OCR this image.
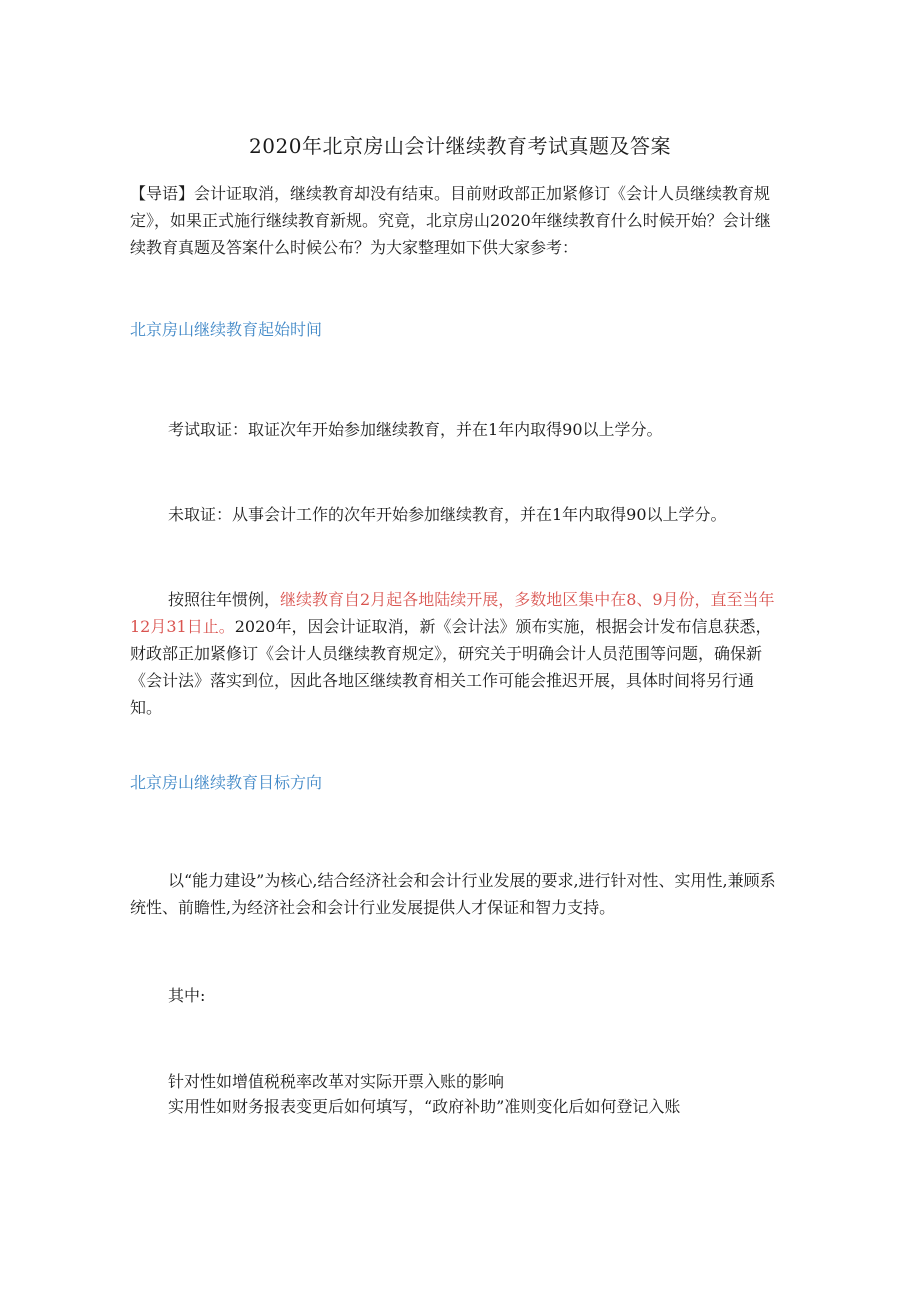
2020年北京房山会计继续教育考试真题及答案

【导语】会计证取消，继续教育却没有结束。目前财政部正加紧修订《会计人员继续教育规定》，如果正式施行继续教育新规。究竟，北京房山2020年继续教育什么时候开始？会计继续教育真题及答案什么时候公布？为大家整理如下供大家参考：

北京房山继续教育起始时间

考试取证：取证次年开始参加继续教育，并在1年内取得90以上学分。

未取证：从事会计工作的次年开始参加继续教育，并在1年内取得90以上学分。

按照往年惯例，继续教育自2月起各地陆续开展，多数地区集中在8、9月份，直至当年12月31日止。2020年，因会计证取消，新《会计法》颁布实施，根据会计发布信息获悉，财政部正加紧修订《会计人员继续教育规定》，研究关于明确会计人员范围等问题，确保新《会计法》落实到位，因此各地区继续教育相关工作可能会推迟开展，具体时间将另行通知。

北京房山继续教育目标方向

以“能力建设”为核心,结合经济社会和会计行业发展的要求,进行针对性、实用性,兼顾系统性、前瞻性,为经济社会和会计行业发展提供人才保证和智力支持。

其中:

针对性如增值税税率改革对实际开票入账的影响

实用性如财务报表变更后如何填写，“政府补助”准则变化后如何登记入账
